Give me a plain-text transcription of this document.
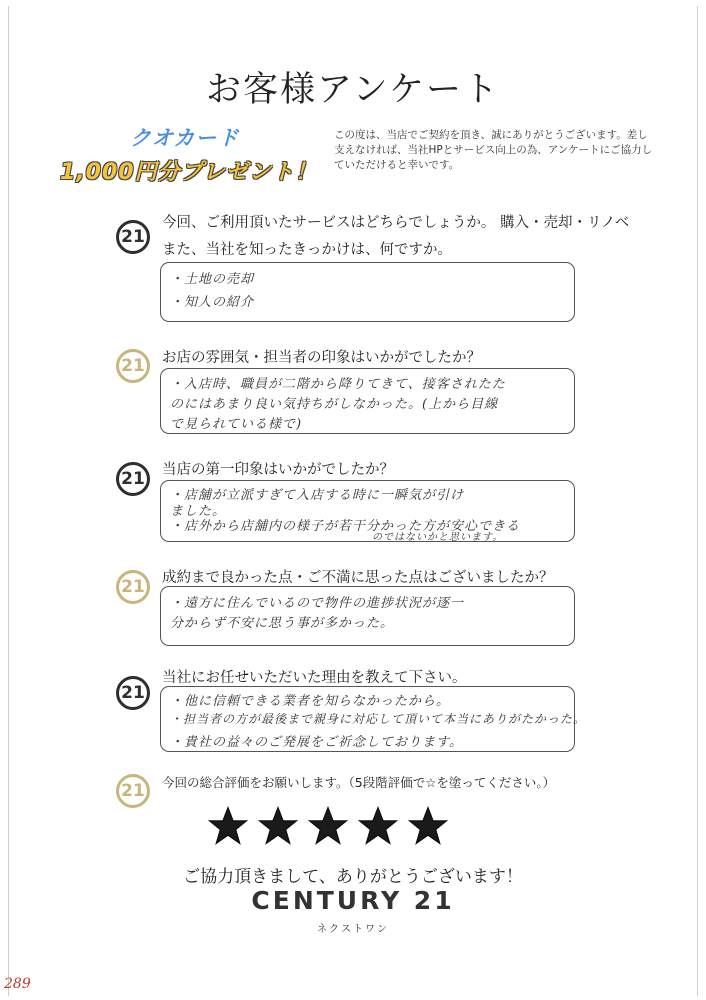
お客様アンケート
クオカード
1,000円分プレゼント！
この度は、当店でご契約を頂き、誠にありがとうございます。差し支えなければ、当社HPとサービス向上の為、アンケートにご協力していただけると幸いです。
21
今回、ご利用頂いたサービスはどちらでしょうか。 購入・売却・リノベ
また、当社を知ったきっかけは、何ですか。
・土地の売却
・知人の紹介
21	お店の雰囲気・担当者の印象はいかがでしたか？
・入店時、職員が二階から降りてきて、接客されたた
のにはあまり良い気持ちがしなかった。(上から目線
で見られている様で)
21	当店の第一印象はいかがでしたか？
・店舗が立派すぎて入店する時に一瞬気が引け
ました。
・店外から店舗内の様子が若干分かった方が安心できる
のではないかと思います。
21	成約まで良かった点・ご不満に思った点はございましたか？
・遠方に住んでいるので物件の進捗状況が逐一
分からず不安に思う事が多かった。
21
当社にお任せいただいた理由を教えて下さい。
・他に信頼できる業者を知らなかったから。
・担当者の方が最後まで親身に対応して頂いて本当にありがたかった。
・貴社の益々のご発展をご祈念しております。
21	今回の総合評価をお願いします。（5段階評価で☆を塗ってください。）
ご協力頂きまして、ありがとうございます！
CENTURY 21
ネクストワン
289
